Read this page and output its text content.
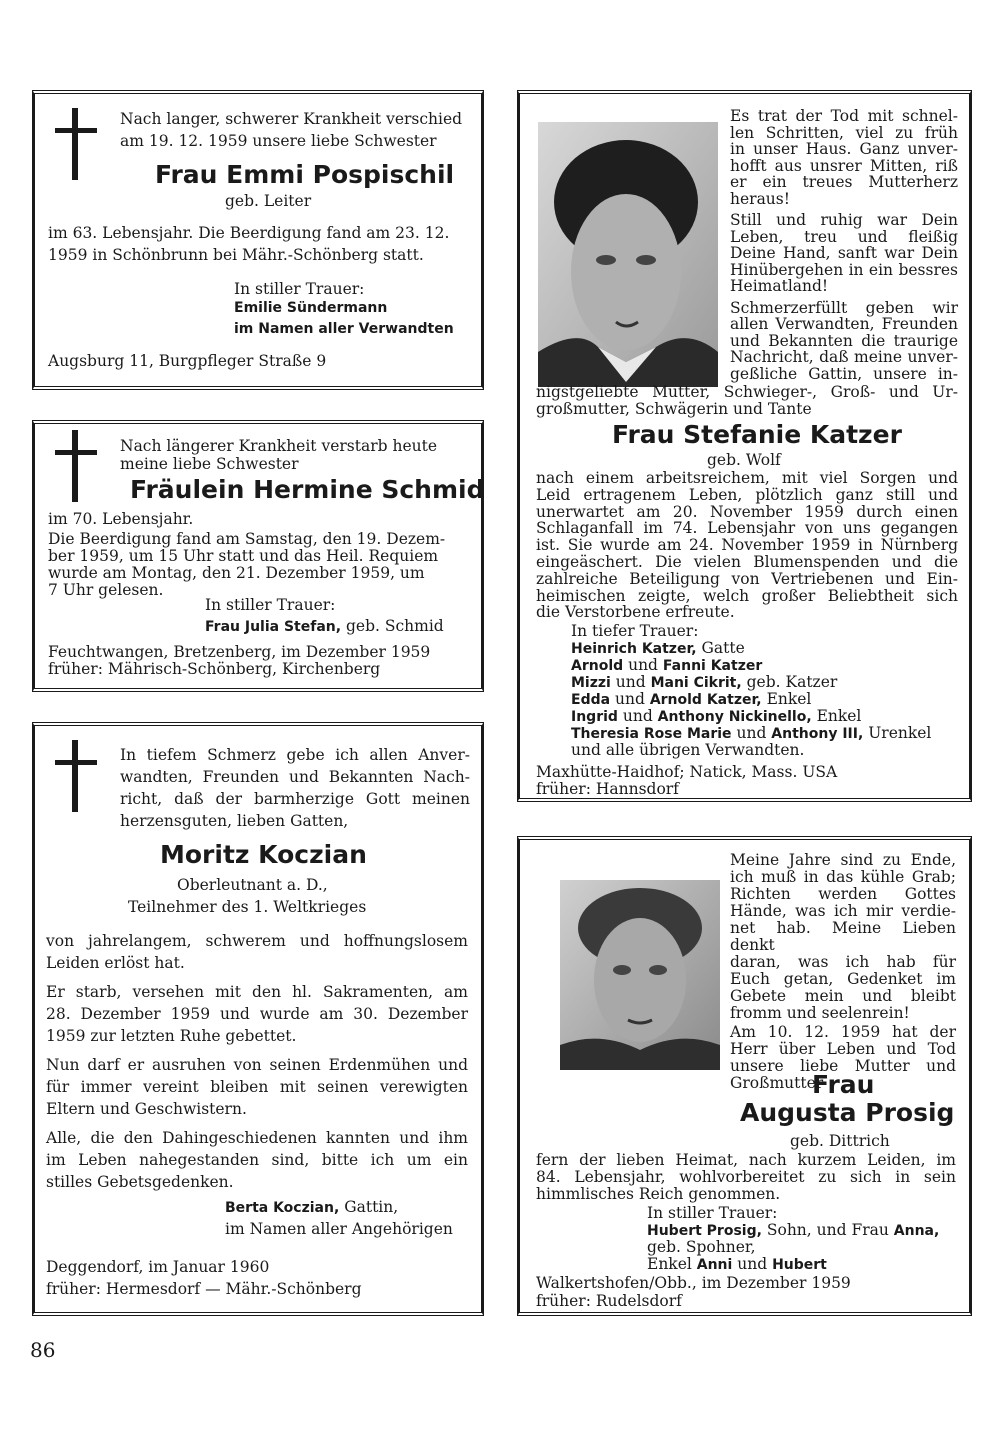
Nach langer, schwerer Krankheit verschied
am 19. 12. 1959 unsere liebe Schwester
Frau Emmi Pospischil
geb. Leiter
im 63. Lebensjahr. Die Beerdigung fand am 23. 12.
1959 in Schönbrunn bei Mähr.-Schönberg statt.
In stiller Trauer:
Emilie Sündermann
im Namen aller Verwandten
Augsburg 11, Burgpfleger Straße 9
Nach längerer Krankheit verstarb heute
meine liebe Schwester
Fräulein Hermine Schmid
im 70. Lebensjahr.
Die Beerdigung fand am Samstag, den 19. Dezem-
ber 1959, um 15 Uhr statt und das Heil. Requiem
wurde am Montag, den 21. Dezember 1959, um
7 Uhr gelesen.
In stiller Trauer:
Frau Julia Stefan, geb. Schmid
Feuchtwangen, Bretzenberg, im Dezember 1959
früher: Mährisch-Schönberg, Kirchenberg
In tiefem Schmerz gebe ich allen Anver-
wandten, Freunden und Bekannten Nach-
richt, daß der barmherzige Gott meinen
herzensguten, lieben Gatten,
Moritz Koczian
Oberleutnant a. D.,
Teilnehmer des 1. Weltkrieges
von jahrelangem, schwerem und hoffnungslosem
Leiden erlöst hat.
Er starb, versehen mit den hl. Sakramenten, am
28. Dezember 1959 und wurde am 30. Dezember
1959 zur letzten Ruhe gebettet.
Nun darf er ausruhen von seinen Erdenmühen und
für immer vereint bleiben mit seinen verewigten
Eltern und Geschwistern.
Alle, die den Dahingeschiedenen kannten und ihm
im Leben nahegestanden sind, bitte ich um ein
stilles Gebetsgedenken.
Berta Koczian, Gattin,
im Namen aller Angehörigen
Deggendorf, im Januar 1960
früher: Hermesdorf — Mähr.-Schönberg
86
Es trat der Tod mit schnel-
len Schritten, viel zu früh
in unser Haus. Ganz unver-
hofft aus unsrer Mitten, riß
er ein treues Mutterherz
heraus!
Still und ruhig war Dein
Leben, treu und fleißig
Deine Hand, sanft war Dein
Hinübergehen in ein bessres
Heimatland!
Schmerzerfüllt geben wir
allen Verwandten, Freunden
und Bekannten die traurige
Nachricht, daß meine unver-
geßliche Gattin, unsere in-
nigstgeliebte Mutter, Schwieger-, Groß- und Ur-
großmutter, Schwägerin und Tante
Frau Stefanie Katzer
geb. Wolf
nach einem arbeitsreichem, mit viel Sorgen und
Leid ertragenem Leben, plötzlich ganz still und
unerwartet am 20. November 1959 durch einen
Schlaganfall im 74. Lebensjahr von uns gegangen
ist. Sie wurde am 24. November 1959 in Nürnberg
eingeäschert. Die vielen Blumenspenden und die
zahlreiche Beteiligung von Vertriebenen und Ein-
heimischen zeigte, welch großer Beliebtheit sich
die Verstorbene erfreute.
In tiefer Trauer:
Heinrich Katzer, Gatte
Arnold und Fanni Katzer
Mizzi und Mani Cikrit, geb. Katzer
Edda und Arnold Katzer, Enkel
Ingrid und Anthony Nickinello, Enkel
Theresia Rose Marie und Anthony III, Urenkel
und alle übrigen Verwandten.
Maxhütte-Haidhof; Natick, Mass. USA
früher: Hannsdorf
Meine Jahre sind zu Ende,
ich muß in das kühle Grab;
Richten werden Gottes
Hände, was ich mir verdie-
net hab. Meine Lieben denkt
daran, was ich hab für
Euch getan, Gedenket im
Gebete mein und bleibt
fromm und seelenrein!
Am 10. 12. 1959 hat der
Herr über Leben und Tod
unsere liebe Mutter und
Großmutter
Frau
Augusta Prosig
geb. Dittrich
fern der lieben Heimat, nach kurzem Leiden, im
84. Lebensjahr, wohlvorbereitet zu sich in sein
himmlisches Reich genommen.
In stiller Trauer:
Hubert Prosig, Sohn, und Frau Anna,
geb. Spohner,
Enkel Anni und Hubert
Walkertshofen/Obb., im Dezember 1959
früher: Rudelsdorf
